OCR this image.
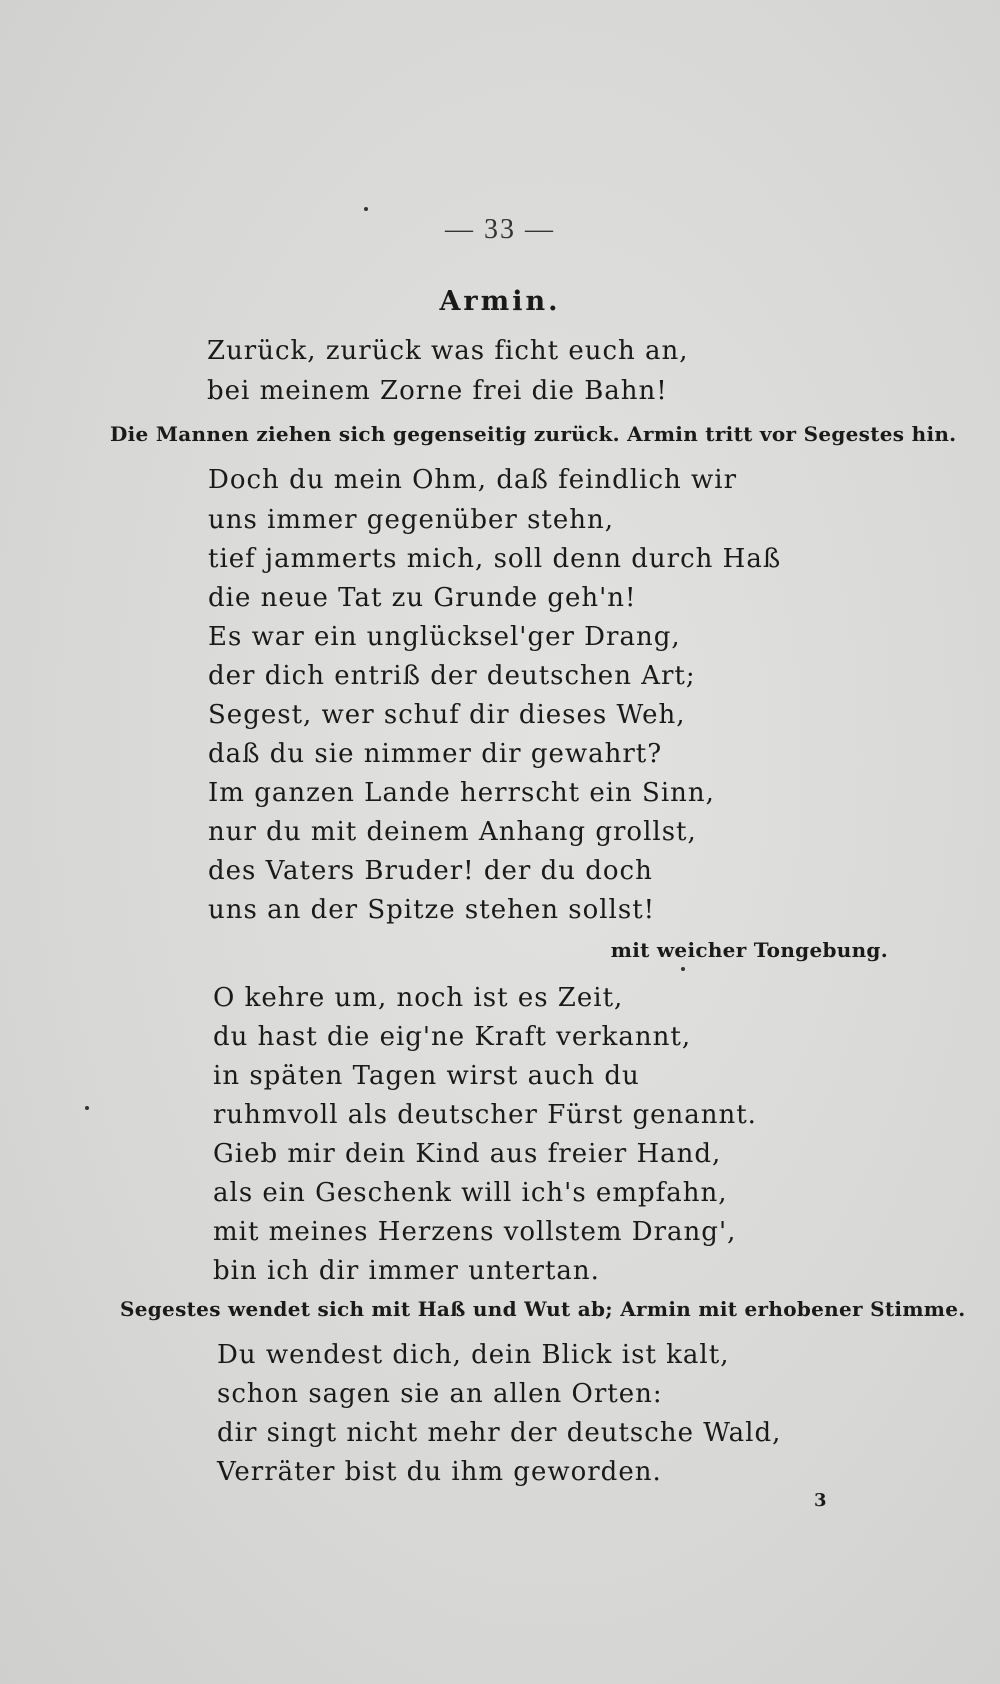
— 33 —

Armin.

Zurück, zurück was ficht euch an,

bei meinem Zorne frei die Bahn!

Die Mannen ziehen sich gegenseitig zurück. Armin tritt vor Segestes hin.

Doch du mein Ohm, daß feindlich wir

uns immer gegenüber stehn,

tief jammerts mich, soll denn durch Haß

die neue Tat zu Grunde geh'n!

Es war ein unglücksel'ger Drang,

der dich entriß der deutschen Art;

Segest, wer schuf dir dieses Weh,

daß du sie nimmer dir gewahrt?

Im ganzen Lande herrscht ein Sinn,

nur du mit deinem Anhang grollst,

des Vaters Bruder! der du doch

uns an der Spitze stehen sollst!

mit weicher Tongebung.

O kehre um, noch ist es Zeit,

du hast die eig'ne Kraft verkannt,

in späten Tagen wirst auch du

ruhmvoll als deutscher Fürst genannt.

Gieb mir dein Kind aus freier Hand,

als ein Geschenk will ich's empfahn,

mit meines Herzens vollstem Drang',

bin ich dir immer untertan.

Segestes wendet sich mit Haß und Wut ab; Armin mit erhobener Stimme.

Du wendest dich, dein Blick ist kalt,

schon sagen sie an allen Orten:

dir singt nicht mehr der deutsche Wald,

Verräter bist du ihm geworden.

3
